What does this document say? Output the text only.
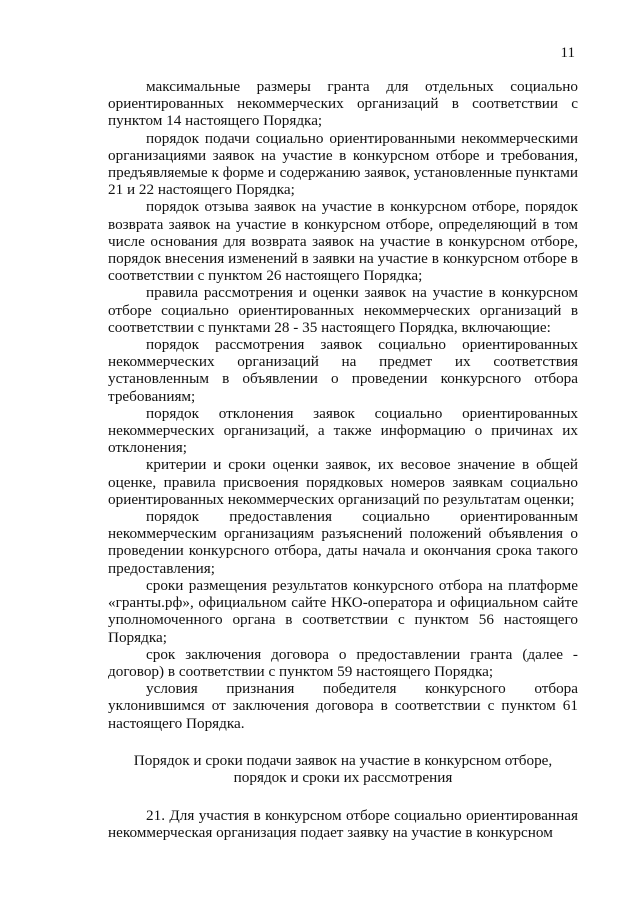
11

максимальные размеры гранта для отдельных социально ориентированных некоммерческих организаций в соответствии с пунктом 14 настоящего Порядка;

порядок подачи социально ориентированными некоммерческими организациями заявок на участие в конкурсном отборе и требования, предъявляемые к форме и содержанию заявок, установленные пунктами 21 и 22 настоящего Порядка;

порядок отзыва заявок на участие в конкурсном отборе, порядок возврата заявок на участие в конкурсном отборе, определяющий в том числе основания для возврата заявок на участие в конкурсном отборе, порядок внесения изменений в заявки на участие в конкурсном отборе в соответствии с пунктом 26 настоящего Порядка;

правила рассмотрения и оценки заявок на участие в конкурсном отборе социально ориентированных некоммерческих организаций в соответствии с пунктами 28 - 35 настоящего Порядка, включающие:

порядок рассмотрения заявок социально ориентированных некоммерческих организаций на предмет их соответствия установленным в объявлении о проведении конкурсного отбора требованиям;

порядок отклонения заявок социально ориентированных некоммерческих организаций, а также информацию о причинах их отклонения;

критерии и сроки оценки заявок, их весовое значение в общей оценке, правила присвоения порядковых номеров заявкам социально ориентированных некоммерческих организаций по результатам оценки;

порядок предоставления социально ориентированным некоммерческим организациям разъяснений положений объявления о проведении конкурсного отбора, даты начала и окончания срока такого предоставления;

сроки размещения результатов конкурсного отбора на платформе «гранты.рф», официальном сайте НКО-оператора и официальном сайте уполномоченного органа в соответствии с пунктом 56 настоящего Порядка;

срок заключения договора о предоставлении гранта (далее - договор) в соответствии с пунктом 59 настоящего Порядка;

условия признания победителя конкурсного отбора уклонившимся от заключения договора в соответствии с пунктом 61 настоящего Порядка.

Порядок и сроки подачи заявок на участие в конкурсном отборе,
порядок и сроки их рассмотрения

21. Для участия в конкурсном отборе социально ориентированная некоммерческая организация подает заявку на участие в конкурсном
